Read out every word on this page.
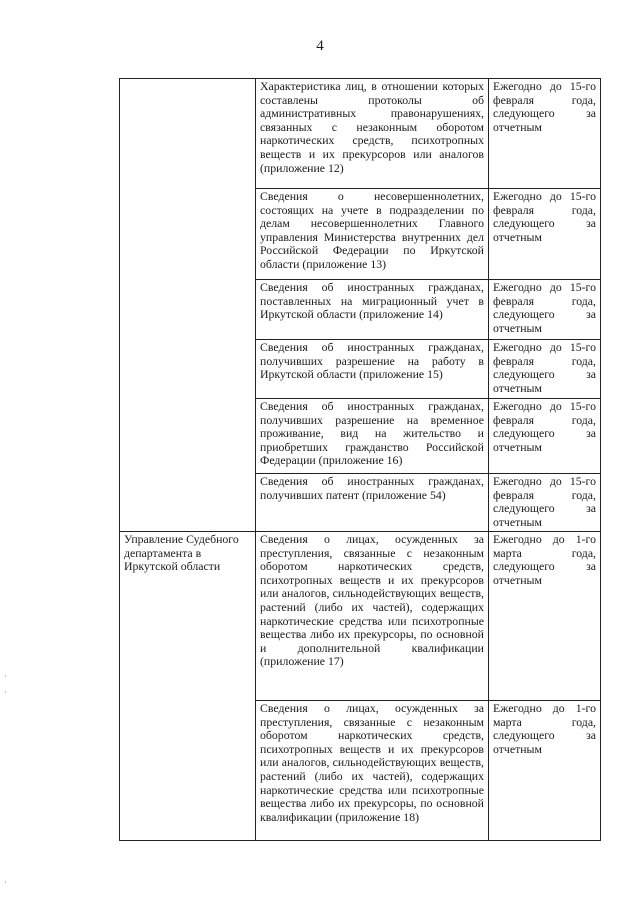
4
	Характеристика лиц, в отношении которых составлены протоколы об административных правонарушениях, связанных с незаконным оборотом наркотических средств, психотропных веществ и их прекурсоров или аналогов (приложение 12)	Ежегодно до 15-го февраля года, следующего за отчетным
	Сведения о несовершеннолетних, состоящих на учете в подразделении по делам несовершеннолетних Главного управления Министерства внутренних дел Российской Федерации по Иркутской области (приложение 13)	Ежегодно до 15-го февраля года, следующего за отчетным
	Сведения об иностранных гражданах, поставленных на миграционный учет в Иркутской области (приложение 14)	Ежегодно до 15-го февраля года, следующего за отчетным
	Сведения об иностранных гражданах, получивших разрешение на работу в Иркутской области (приложение 15)	Ежегодно до 15-го февраля года, следующего за отчетным
	Сведения об иностранных гражданах, получивших разрешение на временное проживание, вид на жительство и приобретших гражданство Российской Федерации (приложение 16)	Ежегодно до 15-го февраля года, следующего за отчетным
	Сведения об иностранных гражданах, получивших патент (приложение 54)	Ежегодно до 15-го февраля года, следующего за отчетным
Управление Судебного департамента в Иркутской области	Сведения о лицах, осужденных за преступления, связанные с незаконным оборотом наркотических средств, психотропных веществ и их прекурсоров или аналогов, сильнодействующих веществ, растений (либо их частей), содержащих наркотические средства или психотропные вещества либо их прекурсоры, по основной и дополнительной квалификации (приложение 17)	Ежегодно до 1-го марта года, следующего за отчетным
	Сведения о лицах, осужденных за преступления, связанные с незаконным оборотом наркотических средств, психотропных веществ и их прекурсоров или аналогов, сильнодействующих веществ, растений (либо их частей), содержащих наркотические средства или психотропные вещества либо их прекурсоры, по основной квалификации (приложение 18)	Ежегодно до 1-го марта года, следующего за отчетным
·
·
·
